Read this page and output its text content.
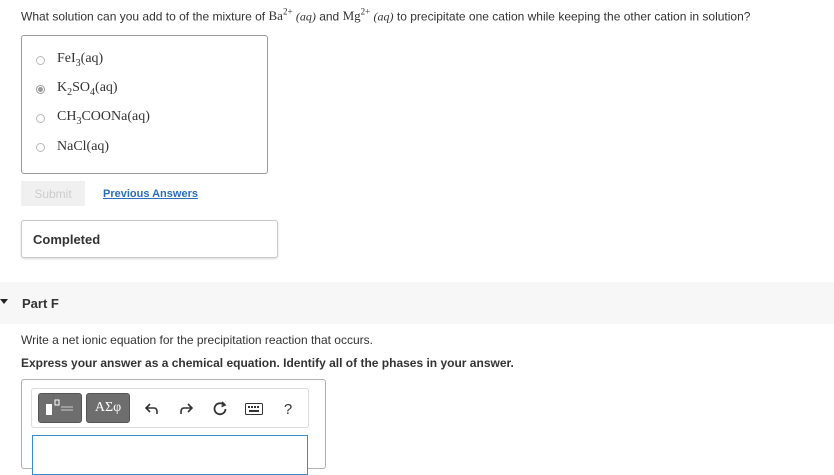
What solution can you add to of the mixture of $Ba^{2+}$ (aq) and $Mg^{2+}$ (aq) to precipitate one cation while keeping the other cation in solution?
FeI$_3$(aq)
$K_2SO_4(aq)$
$CH_3COONa(aq)$
NaCl(aq)
Submit	Previous Answers
Completed
Part F
Write a net ionic equation for the precipitation reaction that occurs.
Express your answer as a chemical equation. Identify all of the phases in your answer.
ΑΣφ	?
